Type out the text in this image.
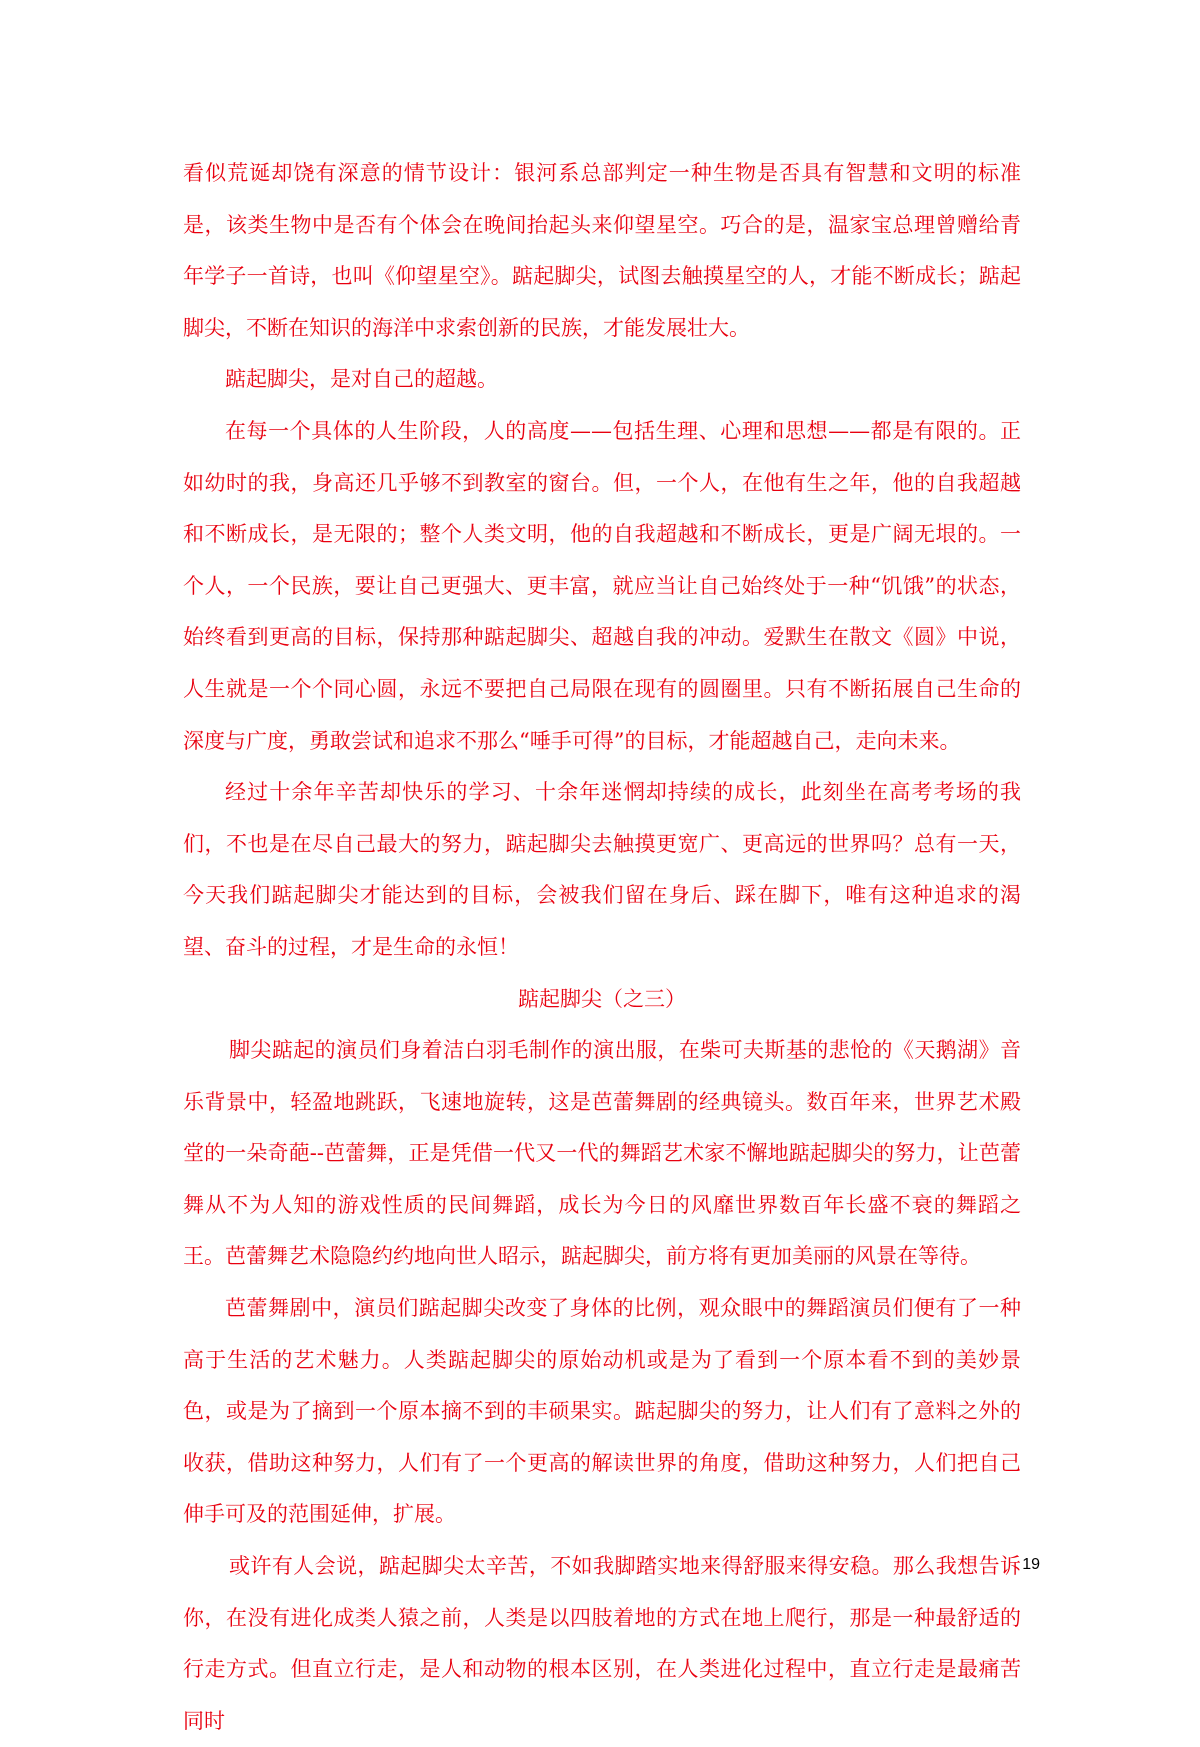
看似荒诞却饶有深意的情节设计：银河系总部判定一种生物是否具有智慧和文明的标准是，该类生物中是否有个体会在晚间抬起头来仰望星空。巧合的是，温家宝总理曾赠给青年学子一首诗，也叫《仰望星空》。踮起脚尖，试图去触摸星空的人，才能不断成长；踮起脚尖，不断在知识的海洋中求索创新的民族，才能发展壮大。

踮起脚尖，是对自己的超越。

在每一个具体的人生阶段，人的高度——包括生理、心理和思想——都是有限的。正如幼时的我，身高还几乎够不到教室的窗台。但，一个人，在他有生之年，他的自我超越和不断成长，是无限的；整个人类文明，他的自我超越和不断成长，更是广阔无垠的。一个人，一个民族，要让自己更强大、更丰富，就应当让自己始终处于一种“饥饿”的状态，始终看到更高的目标，保持那种踮起脚尖、超越自我的冲动。爱默生在散文《圆》中说，人生就是一个个同心圆，永远不要把自己局限在现有的圆圈里。只有不断拓展自己生命的深度与广度，勇敢尝试和追求不那么“唾手可得”的目标，才能超越自己，走向未来。

经过十余年辛苦却快乐的学习、十余年迷惘却持续的成长，此刻坐在高考考场的我们，不也是在尽自己最大的努力，踮起脚尖去触摸更宽广、更高远的世界吗？总有一天，今天我们踮起脚尖才能达到的目标，会被我们留在身后、踩在脚下，唯有这种追求的渴望、奋斗的过程，才是生命的永恒！

踮起脚尖（之三）

脚尖踮起的演员们身着洁白羽毛制作的演出服，在柴可夫斯基的悲怆的《天鹅湖》音乐背景中，轻盈地跳跃，飞速地旋转，这是芭蕾舞剧的经典镜头。数百年来，世界艺术殿堂的一朵奇葩--芭蕾舞，正是凭借一代又一代的舞蹈艺术家不懈地踮起脚尖的努力，让芭蕾舞从不为人知的游戏性质的民间舞蹈，成长为今日的风靡世界数百年长盛不衰的舞蹈之王。芭蕾舞艺术隐隐约约地向世人昭示，踮起脚尖，前方将有更加美丽的风景在等待。

芭蕾舞剧中，演员们踮起脚尖改变了身体的比例，观众眼中的舞蹈演员们便有了一种高于生活的艺术魅力。人类踮起脚尖的原始动机或是为了看到一个原本看不到的美妙景色，或是为了摘到一个原本摘不到的丰硕果实。踮起脚尖的努力，让人们有了意料之外的收获，借助这种努力，人们有了一个更高的解读世界的角度，借助这种努力，人们把自己伸手可及的范围延伸，扩展。

或许有人会说，踮起脚尖太辛苦，不如我脚踏实地来得舒服来得安稳。那么我想告诉你，在没有进化成类人猿之前，人类是以四肢着地的方式在地上爬行，那是一种最舒适的行走方式。但直立行走，是人和动物的根本区别，在人类进化过程中，直立行走是最痛苦同时

19
